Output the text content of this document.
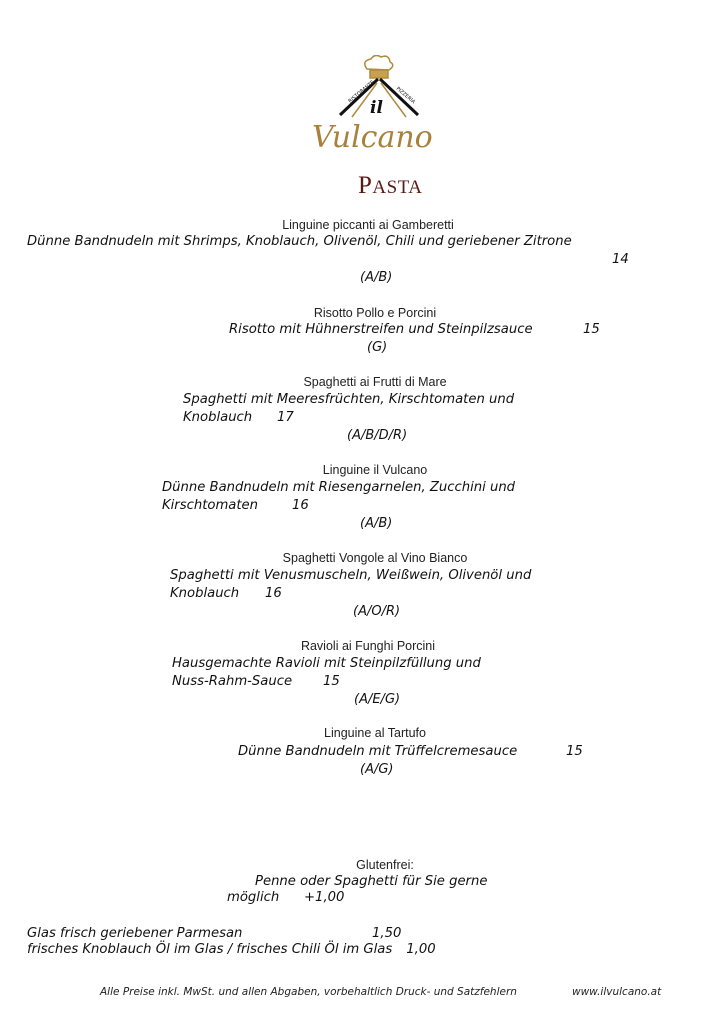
RISTORANTE	PIZZERIA
il
Vulcano
PASTA
Linguine piccanti ai Gamberetti
Dünne Bandnudeln mit Shrimps, Knoblauch, Olivenöl, Chili und geriebener Zitrone
14
(A/B)
Risotto Pollo e Porcini
Risotto mit Hühnerstreifen und Steinpilzsauce	15
(G)
Spaghetti ai Frutti di Mare
Spaghetti mit Meeresfrüchten, Kirschtomaten und
Knoblauch 17
(A/B/D/R)
Linguine il Vulcano
Dünne Bandnudeln mit Riesengarnelen, Zucchini und
Kirschtomaten	16
(A/B)
Spaghetti Vongole al Vino Bianco
Spaghetti mit Venusmuscheln, Weißwein, Olivenöl und
Knoblauch 16
(A/O/R)
Ravioli ai Funghi Porcini
Hausgemachte Ravioli mit Steinpilzfüllung und
Nuss-Rahm-Sauce 15
(A/E/G)
Linguine al Tartufo
Dünne Bandnudeln mit Trüffelcremesauce	15
(A/G)
Glutenfrei:
Penne oder Spaghetti für Sie gerne
möglich +1,00
Glas frisch geriebener Parmesan	1,50
frisches Knoblauch Öl im Glas / frisches Chili Öl im Glas 1,00
Alle Preise inkl. MwSt. und allen Abgaben, vorbehaltlich Druck- und Satzfehlern	www.ilvulcano.at
